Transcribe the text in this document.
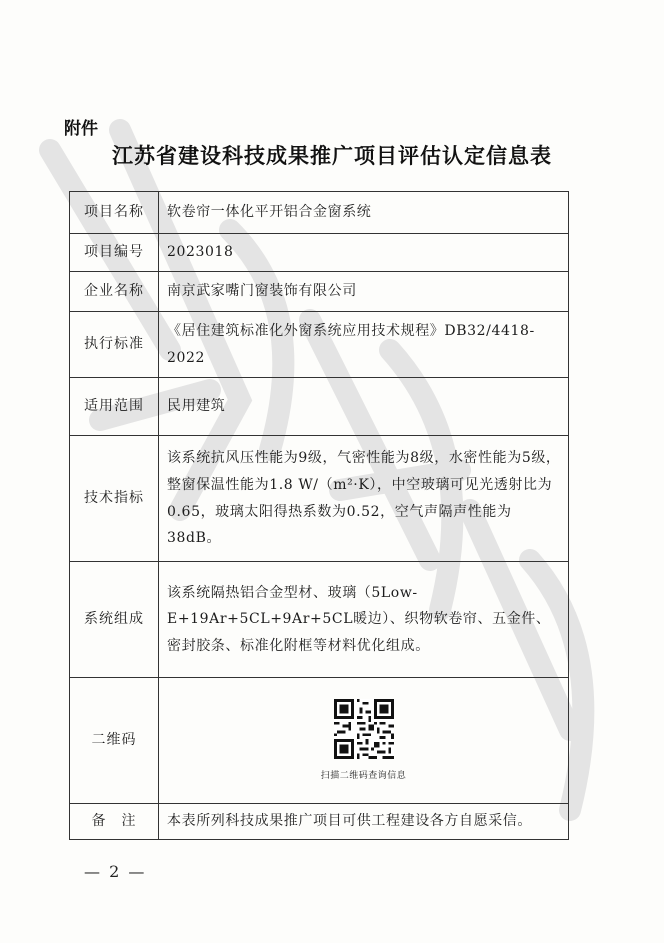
附件
江苏省建设科技成果推广项目评估认定信息表
项目名称	软卷帘一体化平开铝合金窗系统
项目编号	2023018
企业名称	南京武家嘴门窗装饰有限公司
执行标准	《居住建筑标准化外窗系统应用技术规程》DB32/4418-2022
适用范围	民用建筑
技术指标	该系统抗风压性能为9级，气密性能为8级，水密性能为5级，整窗保温性能为1.8 W/（m²·K），中空玻璃可见光透射比为0.65，玻璃太阳得热系数为0.52，空气声隔声性能为38dB。
系统组成	该系统隔热铝合金型材、玻璃（5Low-E+19Ar+5CL+9Ar+5CL暖边）、织物软卷帘、五金件、密封胶条、标准化附框等材料优化组成。
二维码	扫描二维码查询信息

备　注	本表所列科技成果推广项目可供工程建设各方自愿采信。
— 2 —
